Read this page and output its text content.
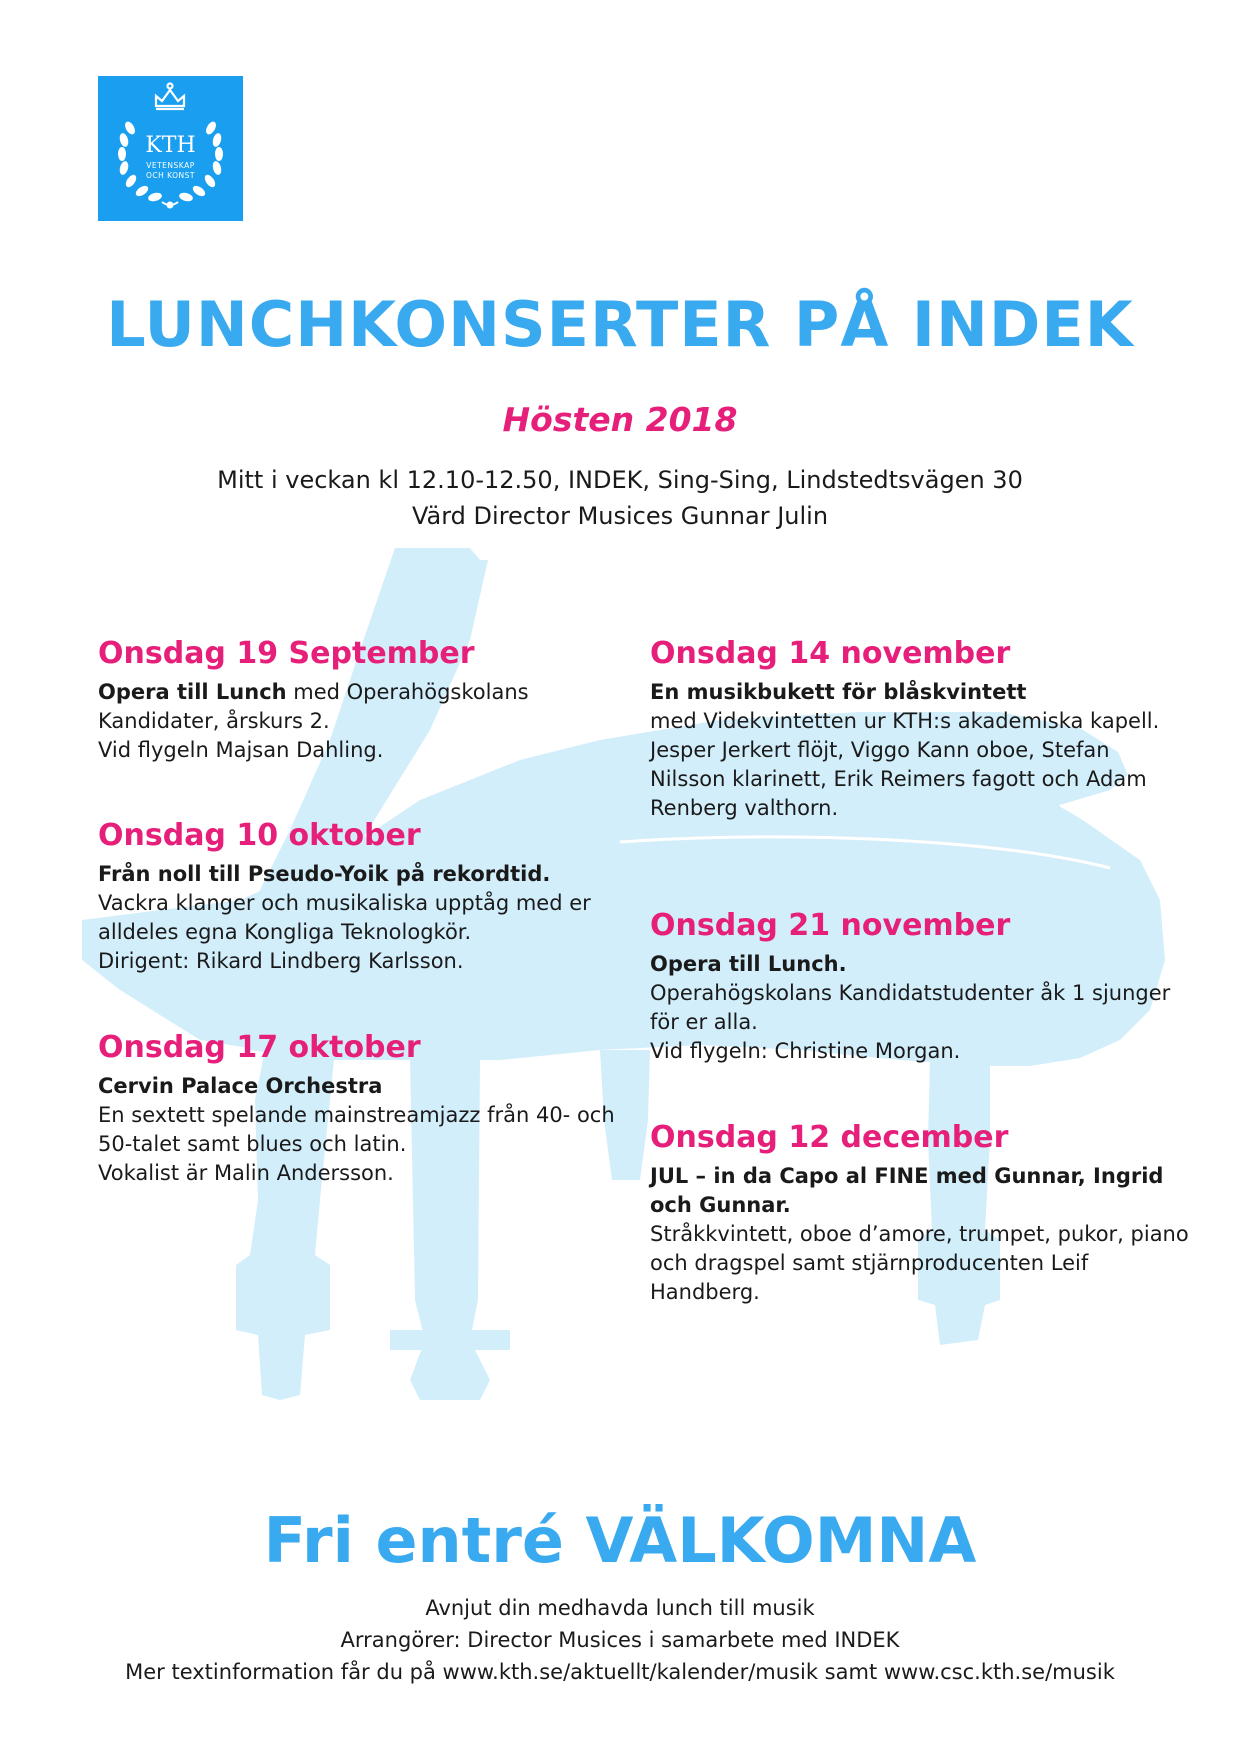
KTH
VETENSKAP
OCH KONST
LUNCHKONSERTER PÅ INDEK

Hösten 2018

Mitt i veckan kl 12.10-12.50, INDEK, Sing-Sing, Lindstedtsvägen 30

Värd Director Musices Gunnar Julin

Onsdag 19 September

Opera till Lunch med Operahögskolans Kandidater, årskurs 2.
Vid flygeln Majsan Dahling.

Onsdag 10 oktober

Från noll till Pseudo-Yoik på rekordtid.
Vackra klanger och musikaliska upptåg med er alldeles egna Kongliga Teknologkör.
Dirigent: Rikard Lindberg Karlsson.

Onsdag 17 oktober

Cervin Palace Orchestra
En sextett spelande mainstreamjazz från 40- och 50-talet samt blues och latin.
Vokalist är Malin Andersson.

Onsdag 14 november

En musikbukett för blåskvintett
med Videkvintetten ur KTH:s akademiska kapell.
Jesper Jerkert flöjt, Viggo Kann oboe, Stefan Nilsson klarinett, Erik Reimers fagott och Adam Renberg valthorn.

Onsdag 21 november

Opera till Lunch.
Operahögskolans Kandidatstudenter åk 1 sjunger för er alla.
Vid flygeln: Christine Morgan.

Onsdag 12 december

JUL – in da Capo al FINE med Gunnar, Ingrid och Gunnar.
Stråkkvintett, oboe d’amore, trumpet, pukor, piano och dragspel samt stjärnproducenten Leif Handberg.

Fri entré VÄLKOMNA

Avnjut din medhavda lunch till musik

Arrangörer: Director Musices i samarbete med INDEK

Mer textinformation får du på www.kth.se/aktuellt/kalender/musik samt www.csc.kth.se/musik
